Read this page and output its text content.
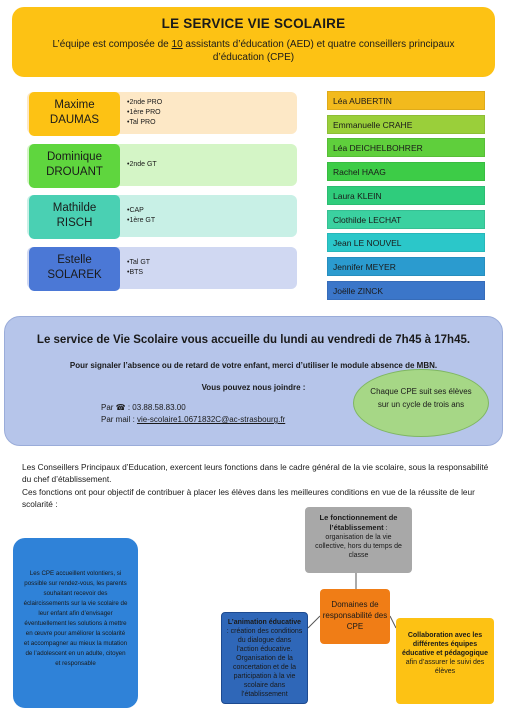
LE SERVICE VIE SCOLAIRE
L’équipe est composée de 10 assistants d’éducation (AED) et quatre conseillers principaux d’éducation (CPE)
Maxime
DAUMAS
•2nde PRO
•1ère PRO
•Tal PRO
Dominique
DROUANT
•2nde GT
Mathilde
RISCH
•CAP
•1ère GT
Estelle
SOLAREK
•Tal GT
•BTS
Léa AUBERTIN
Emmanuelle CRAHE
Léa DEICHELBOHRER
Rachel HAAG
Laura KLEIN
Clothilde LECHAT
Jean LE NOUVEL
Jennifer MEYER
Joëlle ZINCK
Le service de Vie Scolaire vous accueille du lundi au vendredi de 7h45 à 17h45.
Pour signaler l’absence ou de retard de votre enfant, merci d’utiliser le module absence de MBN.
Vous pouvez nous joindre :
Par ☎ : 03.88.58.83.00
Par mail : vie-scolaire1.0671832C@ac-strasbourg.fr
Chaque CPE suit ses élèves sur un cycle de trois ans
Les Conseillers Principaux d’Education, exercent leurs fonctions dans le cadre général de la vie scolaire, sous la responsabilité du chef d’établissement.
Ces fonctions ont pour objectif de contribuer à placer les élèves dans les meilleures conditions en vue de la réussite de leur scolarité :
Les CPE accueillent volontiers, si possible sur rendez-vous, les parents souhaitant recevoir des éclaircissements sur la vie scolaire de leur enfant afin d’envisager éventuellement les solutions à mettre en œuvre pour améliorer la scolarité et accompagner au mieux la mutation de l’adolescent en un adulte, citoyen et responsable
Le fonctionnement de l’établissement : organisation de la vie collective, hors du temps de classe
Domaines de responsabilité des CPE
L’animation éducative : création des conditions du dialogue dans l’action éducative. Organisation de la concertation et de la participation à la vie scolaire dans l’établissement
Collaboration avec les différentes équipes éducative et pédagogique afin d’assurer le suivi des élèves
